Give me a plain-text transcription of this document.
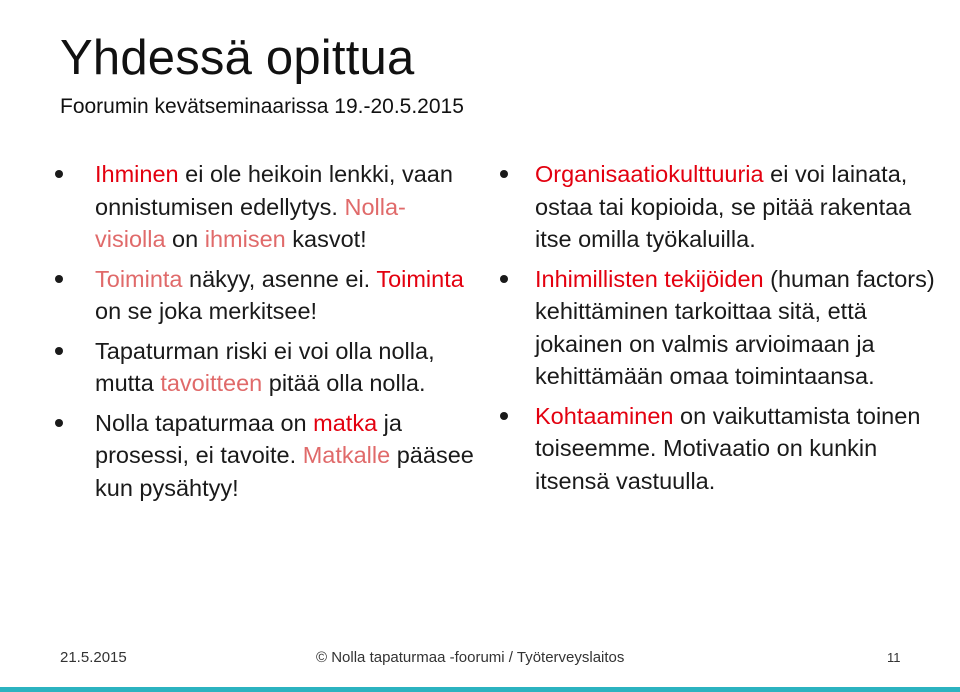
Yhdessä opittua
Foorumin kevätseminaarissa 19.-20.5.2015
Ihminen ei ole heikoin lenkki, vaan onnistumisen edellytys. Nolla-visiolla on ihmisen kasvot!
Toiminta näkyy, asenne ei. Toiminta on se joka merkitsee!
Tapaturman riski ei voi olla nolla, mutta tavoitteen pitää olla nolla.
Nolla tapaturmaa on matka ja prosessi, ei tavoite. Matkalle pääsee kun pysähtyy!
Organisaatiokulttuuria ei voi lainata, ostaa tai kopioida, se pitää rakentaa itse omilla työkaluilla.
Inhimillisten tekijöiden (human factors) kehittäminen tarkoittaa sitä, että jokainen on valmis arvioimaan ja kehittämään omaa toimintaansa.
Kohtaaminen on vaikuttamista toinen toiseemme. Motivaatio on kunkin itsensä vastuulla.
21.5.2015	© Nolla tapaturmaa -foorumi / Työterveyslaitos	11
